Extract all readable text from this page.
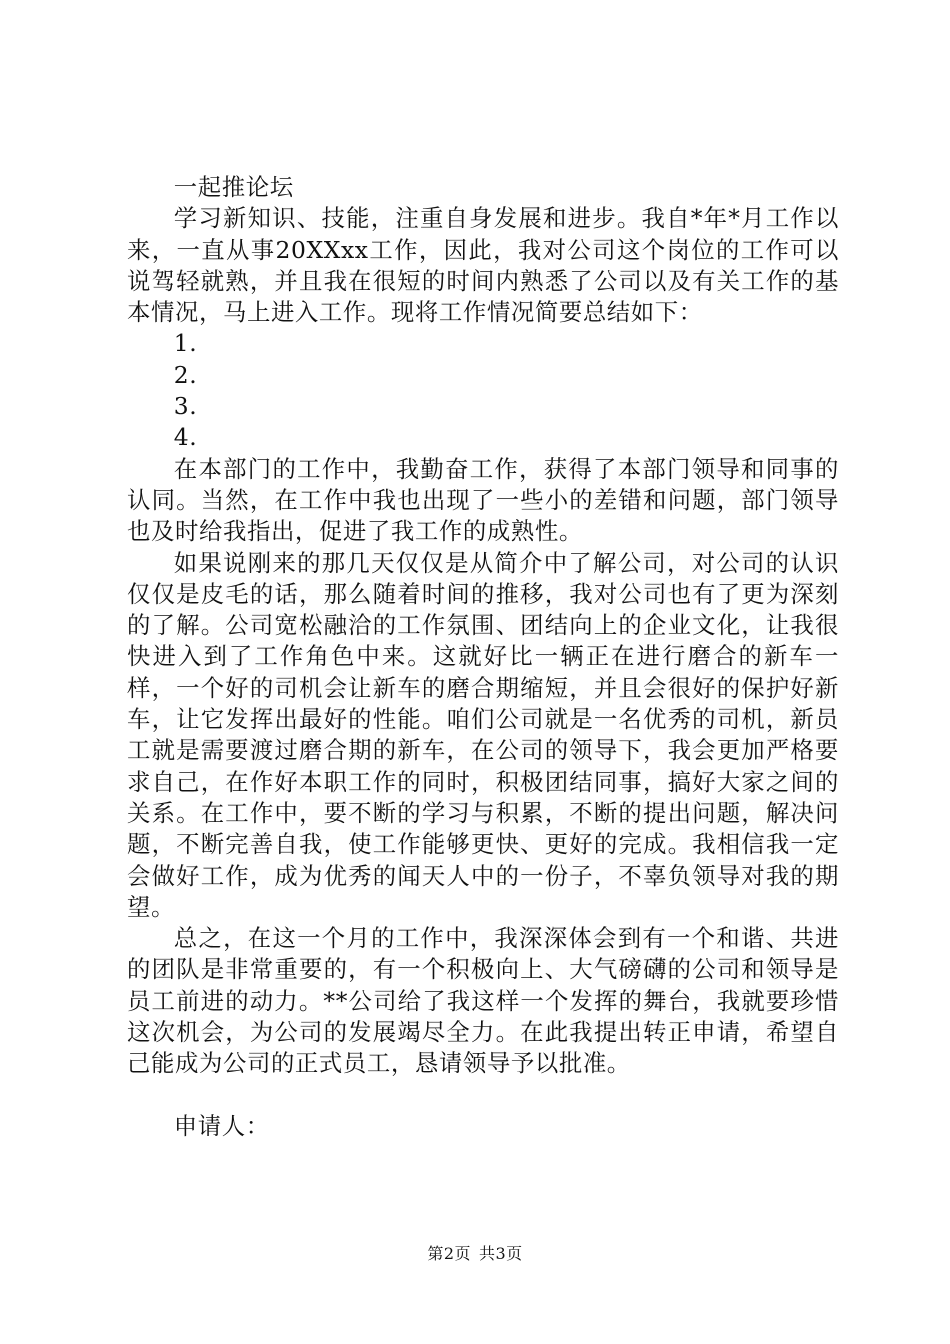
一起推论坛

学习新知识、技能，注重自身发展和进步。我自*年*月工作以来，一直从事20XXxx工作，因此，我对公司这个岗位的工作可以说驾轻就熟，并且我在很短的时间内熟悉了公司以及有关工作的基本情况，马上进入工作。现将工作情况简要总结如下：

1.
2.
3.
4.

在本部门的工作中，我勤奋工作，获得了本部门领导和同事的认同。当然，在工作中我也出现了一些小的差错和问题，部门领导也及时给我指出，促进了我工作的成熟性。

如果说刚来的那几天仅仅是从简介中了解公司，对公司的认识仅仅是皮毛的话，那么随着时间的推移，我对公司也有了更为深刻的了解。公司宽松融洽的工作氛围、团结向上的企业文化，让我很快进入到了工作角色中来。这就好比一辆正在进行磨合的新车一样，一个好的司机会让新车的磨合期缩短，并且会很好的保护好新车，让它发挥出最好的性能。咱们公司就是一名优秀的司机，新员工就是需要渡过磨合期的新车，在公司的领导下，我会更加严格要求自己，在作好本职工作的同时，积极团结同事，搞好大家之间的关系。在工作中，要不断的学习与积累，不断的提出问题，解决问题，不断完善自我，使工作能够更快、更好的完成。我相信我一定会做好工作，成为优秀的闻天人中的一份子，不辜负领导对我的期望。

总之，在这一个月的工作中，我深深体会到有一个和谐、共进的团队是非常重要的，有一个积极向上、大气磅礴的公司和领导是员工前进的动力。**公司给了我这样一个发挥的舞台，我就要珍惜这次机会，为公司的发展竭尽全力。在此我提出转正申请，希望自己能成为公司的正式员工，恳请领导予以批准。

申请人：

第2页 共3页
